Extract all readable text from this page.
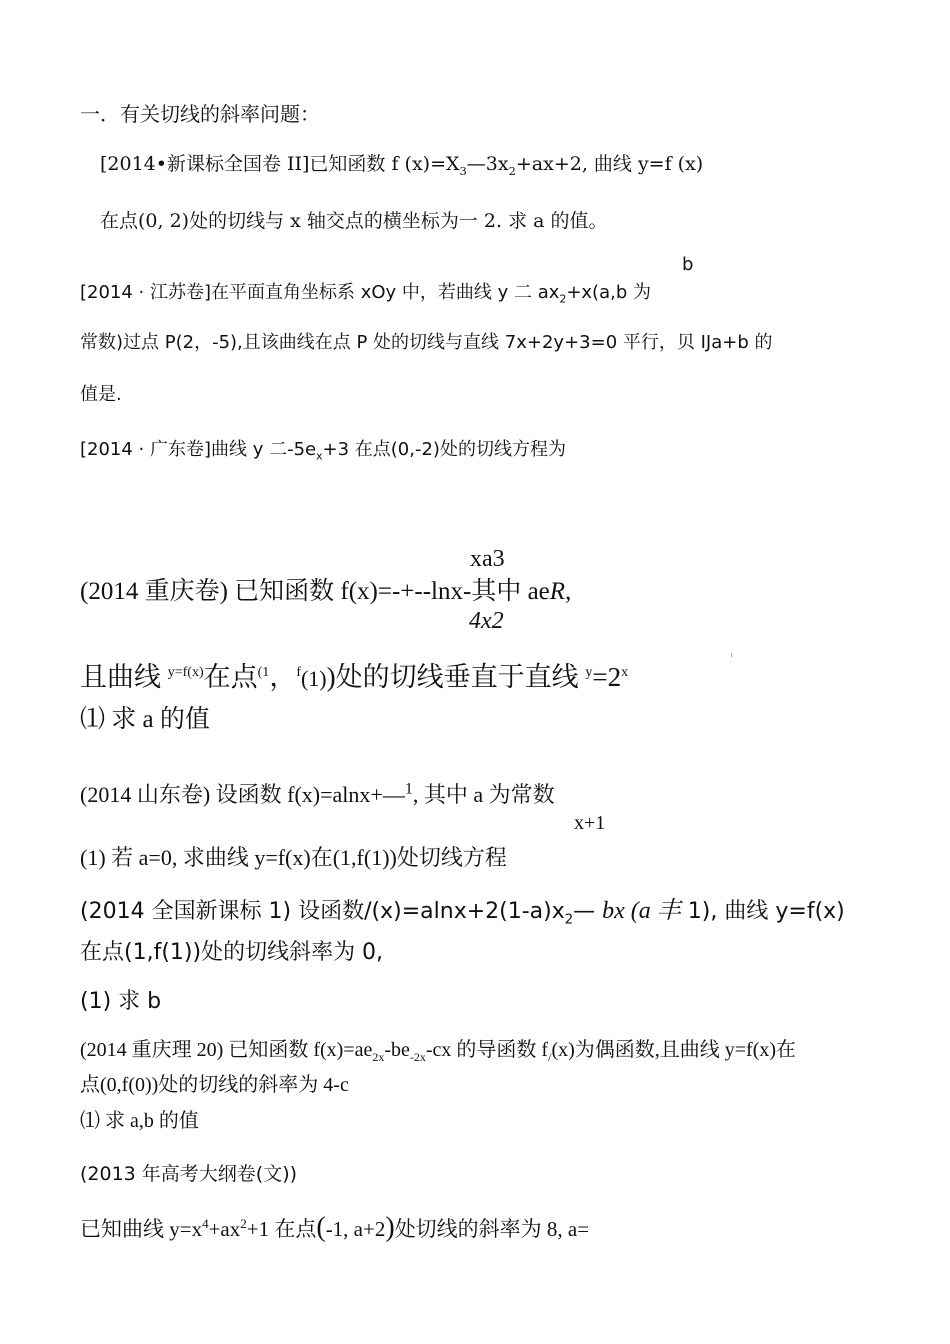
一．有关切线的斜率问题：
[2014•新课标全国卷 II]已知函数 f $(x)=X_3—3x_2+ax+2$, 曲线 y=f (x)
在点(0, 2)处的切线与 x 轴交点的横坐标为一 2. 求 a 的值。
b
[2014 · 江苏卷]在平面直角坐标系 xOy 中，若曲线 y 二 $ax_2+x(a,b$ 为
常数)过点 P(2，-5),且该曲线在点 P 处的切线与直线 7x+2y+3=0 平行，贝 IJa+b 的
值是.
[2014 · 广东卷]曲线 y 二$-5e_x+3$ 在点(0,-2)处的切线方程为
xa3
(2014 重庆卷) 已知函数 f(x)=-+--lnx-其中 aeR,
4x2
且曲线 $^{y=f(x)}$在点$^{(1}$，$^f$(1))处的切线垂直于直线 $^y=2^x$
1
⑴ 求 a 的值
(2014 山东卷) 设函数 f(x)=alnx+—$^1$, 其中 a 为常数
x+1
(1) 若 a=0, 求曲线 y=f(x)在(1,f(1))处切线方程
(2014 全国新课标 1) 设函数$/(x)=alnx+2(1-a)x_2—$ bx (a 丰 1), 曲线 y=f(x)
在点(1,f(1))处的切线斜率为 0,
(1) 求 b
(2014 重庆理 20) 已知函数 $f(x)=ae_{2x}-be_{-2x}-cx$ 的导函数 $f_/(x)$为偶函数,且曲线 y=f(x)在
点(0,f(0))处的切线的斜率为 4-c
⑴ 求 a,b 的值
(2013 年高考大纲卷(文))
已知曲线 $y=x^4+ax^2+1$ 在点(-1, a+2)处切线的斜率为 8, a=
